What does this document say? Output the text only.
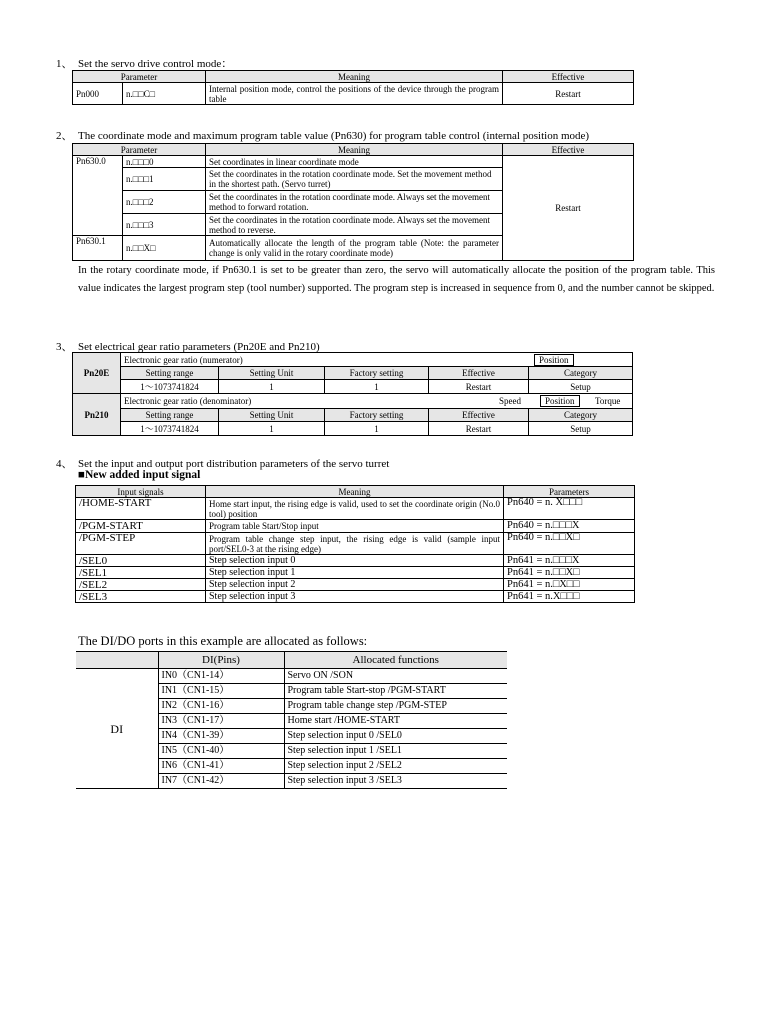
1、 Set the servo drive control mode：
Parameter		Meaning	Effective
Pn000	n.□□C□	Internal position mode, control the positions of the device through the program table	Restart
2、 The coordinate mode and maximum program table value (Pn630) for program table control (internal position mode)
Parameter		Meaning	Effective
Pn630.0	n.□□□0	Set coordinates in linear coordinate mode	Restart
	n.□□□1	Set the coordinates in the rotation coordinate mode. Set the movement method in the shortest path. (Servo turret)	
	n.□□□2	Set the coordinates in the rotation coordinate mode. Always set the movement method to forward rotation.	
	n.□□□3	Set the coordinates in the rotation coordinate mode. Always set the movement method to reverse.	
Pn630.1	n.□□X□	Automatically allocate the length of the program table (Note: the parameter change is only valid in the rotary coordinate mode)	
In the rotary coordinate mode, if Pn630.1 is set to be greater than zero, the servo will automatically allocate the position of the program table. This value indicates the largest program step (tool number) supported. The program step is increased in sequence from 0, and the number cannot be skipped.
3、 Set electrical gear ratio parameters (Pn20E and Pn210)
Pn20E	Electronic gear ratio (numerator) Position				

	Setting range	Setting Unit	Factory setting	Effective	Category
	1～1073741824	1	1	Restart	Setup
Pn210	Electronic gear ratio (denominator) Speed Position Torque				

	Setting range	Setting Unit	Factory setting	Effective	Category
	1～1073741824	1	1	Restart	Setup
4、 Set the input and output port distribution parameters of the servo turret
■New added input signal
Input signals	Meaning	Parameters
/HOME-START	Home start input, the rising edge is valid, used to set the coordinate origin (No.0 tool) position	Pn640 = n. X□□□
/PGM-START	Program table Start/Stop input	Pn640 = n.□□□X
/PGM-STEP	Program table change step input, the rising edge is valid (sample input port/SEL0-3 at the rising edge)	Pn640 = n.□□X□
/SEL0	Step selection input 0	Pn641 = n.□□□X
/SEL1	Step selection input 1	Pn641 = n.□□X□
/SEL2	Step selection input 2	Pn641 = n.□X□□
/SEL3	Step selection input 3	Pn641 = n.X□□□
The DI/DO ports in this example are allocated as follows:
	DI(Pins)	Allocated functions
DI	IN0（CN1-14）	Servo ON /SON
	IN1（CN1-15）	Program table Start-stop /PGM-START
	IN2（CN1-16）	Program table change step /PGM-STEP
	IN3（CN1-17）	Home start /HOME-START
	IN4（CN1-39）	Step selection input 0 /SEL0
	IN5（CN1-40）	Step selection input 1 /SEL1
	IN6（CN1-41）	Step selection input 2 /SEL2
	IN7（CN1-42）	Step selection input 3 /SEL3
